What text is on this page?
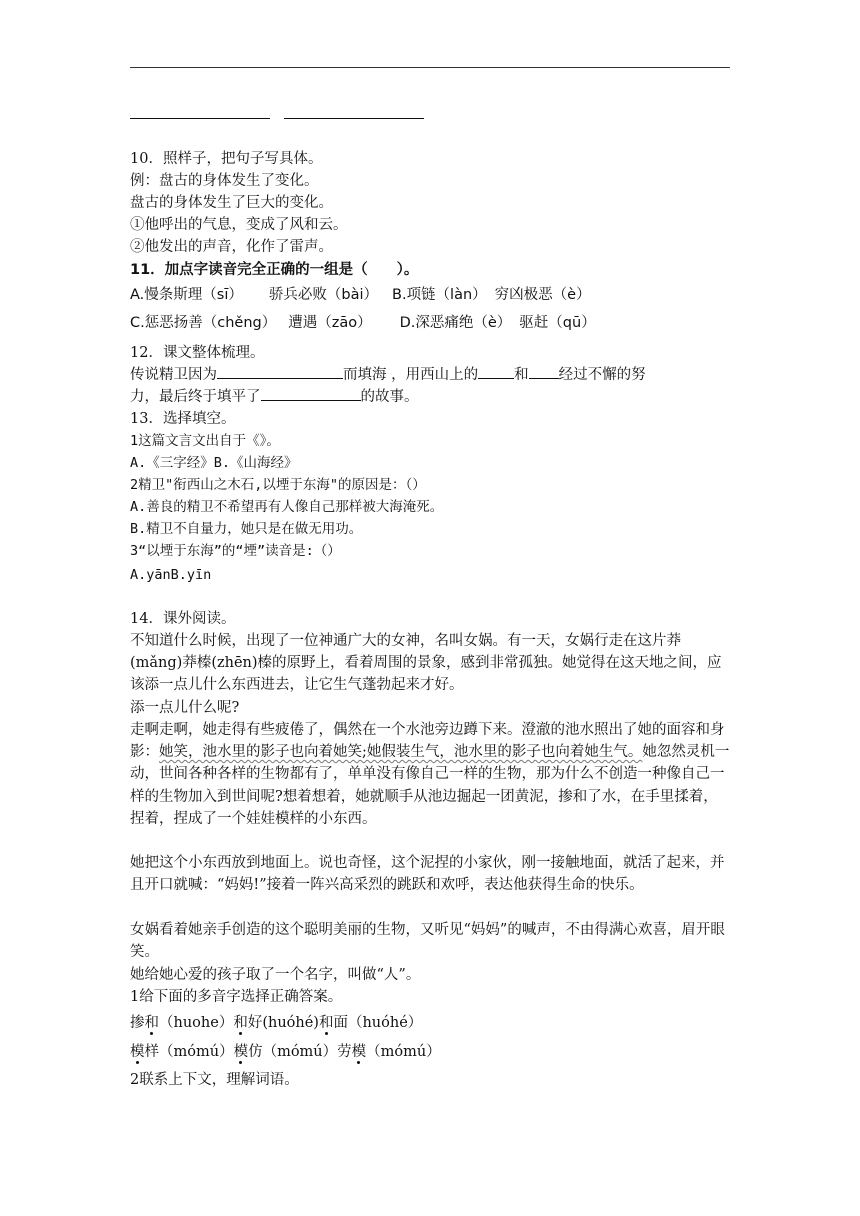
10．照样子，把句子写具体。
例：盘古的身体发生了变化。
盘古的身体发生了巨大的变化。
①他呼出的气息，变成了风和云。
②他发出的声音，化作了雷声。
11．加点字读音完全正确的一组是（　　）。
A.慢条斯理（sī） 骄兵必败（bài） B.项链（làn） 穷凶极恶（è）
C.惩恶扬善（chěng） 遭遇（zāo） D.深恶痛绝（è） 驱赶（qū）
12．课文整体梳理。
传说精卫因为	而填海 ，用西山上的 和 经过不懈的努
力，最后终于填平了	的故事。
13．选择填空。
1这篇文言文出自于《》。
A.《三字经》B.《山海经》
2精卫"衔西山之木石,以堙于东海"的原因是：（）
A.善良的精卫不希望再有人像自己那样被大海淹死。
B.精卫不自量力，她只是在做无用功。
3“以堙于东海”的“堙”读音是:（）
A.yānB.yīn
14．课外阅读。
不知道什么时候，出现了一位神通广大的女神，名叫女娲。有一天，女娲行走在这片莽(mǎng)莽榛(zhēn)榛的原野上，看着周围的景象，感到非常孤独。她觉得在这天地之间，应该添一点儿什么东西进去，让它生气蓬勃起来才好。
添一点儿什么呢?
走啊走啊，她走得有些疲倦了，偶然在一个水池旁边蹲下来。澄澈的池水照出了她的面容和身影：她笑，池水里的影子也向着她笑;她假装生气，池水里的影子也向着她生气。她忽然灵机一动，世间各种各样的生物都有了，单单没有像自己一样的生物，那为什么不创造一种像自己一样的生物加入到世间呢?想着想着，她就顺手从池边掘起一团黄泥，掺和了水，在手里揉着，捏着，捏成了一个娃娃模样的小东西。
她把这个小东西放到地面上。说也奇怪，这个泥捏的小家伙，刚一接触地面，就活了起来，并且开口就喊：“妈妈!”接着一阵兴高采烈的跳跃和欢呼，表达他获得生命的快乐。
女娲看着她亲手创造的这个聪明美丽的生物，又听见“妈妈”的喊声，不由得满心欢喜，眉开眼笑。
她给她心爱的孩子取了一个名字，叫做“人”。
1给下面的多音字选择正确答案。
掺和（huohe）和好(huóhé)和面（huóhé）
模样（mómú）模仿（mómú）劳模（mómú）
2联系上下文，理解词语。
